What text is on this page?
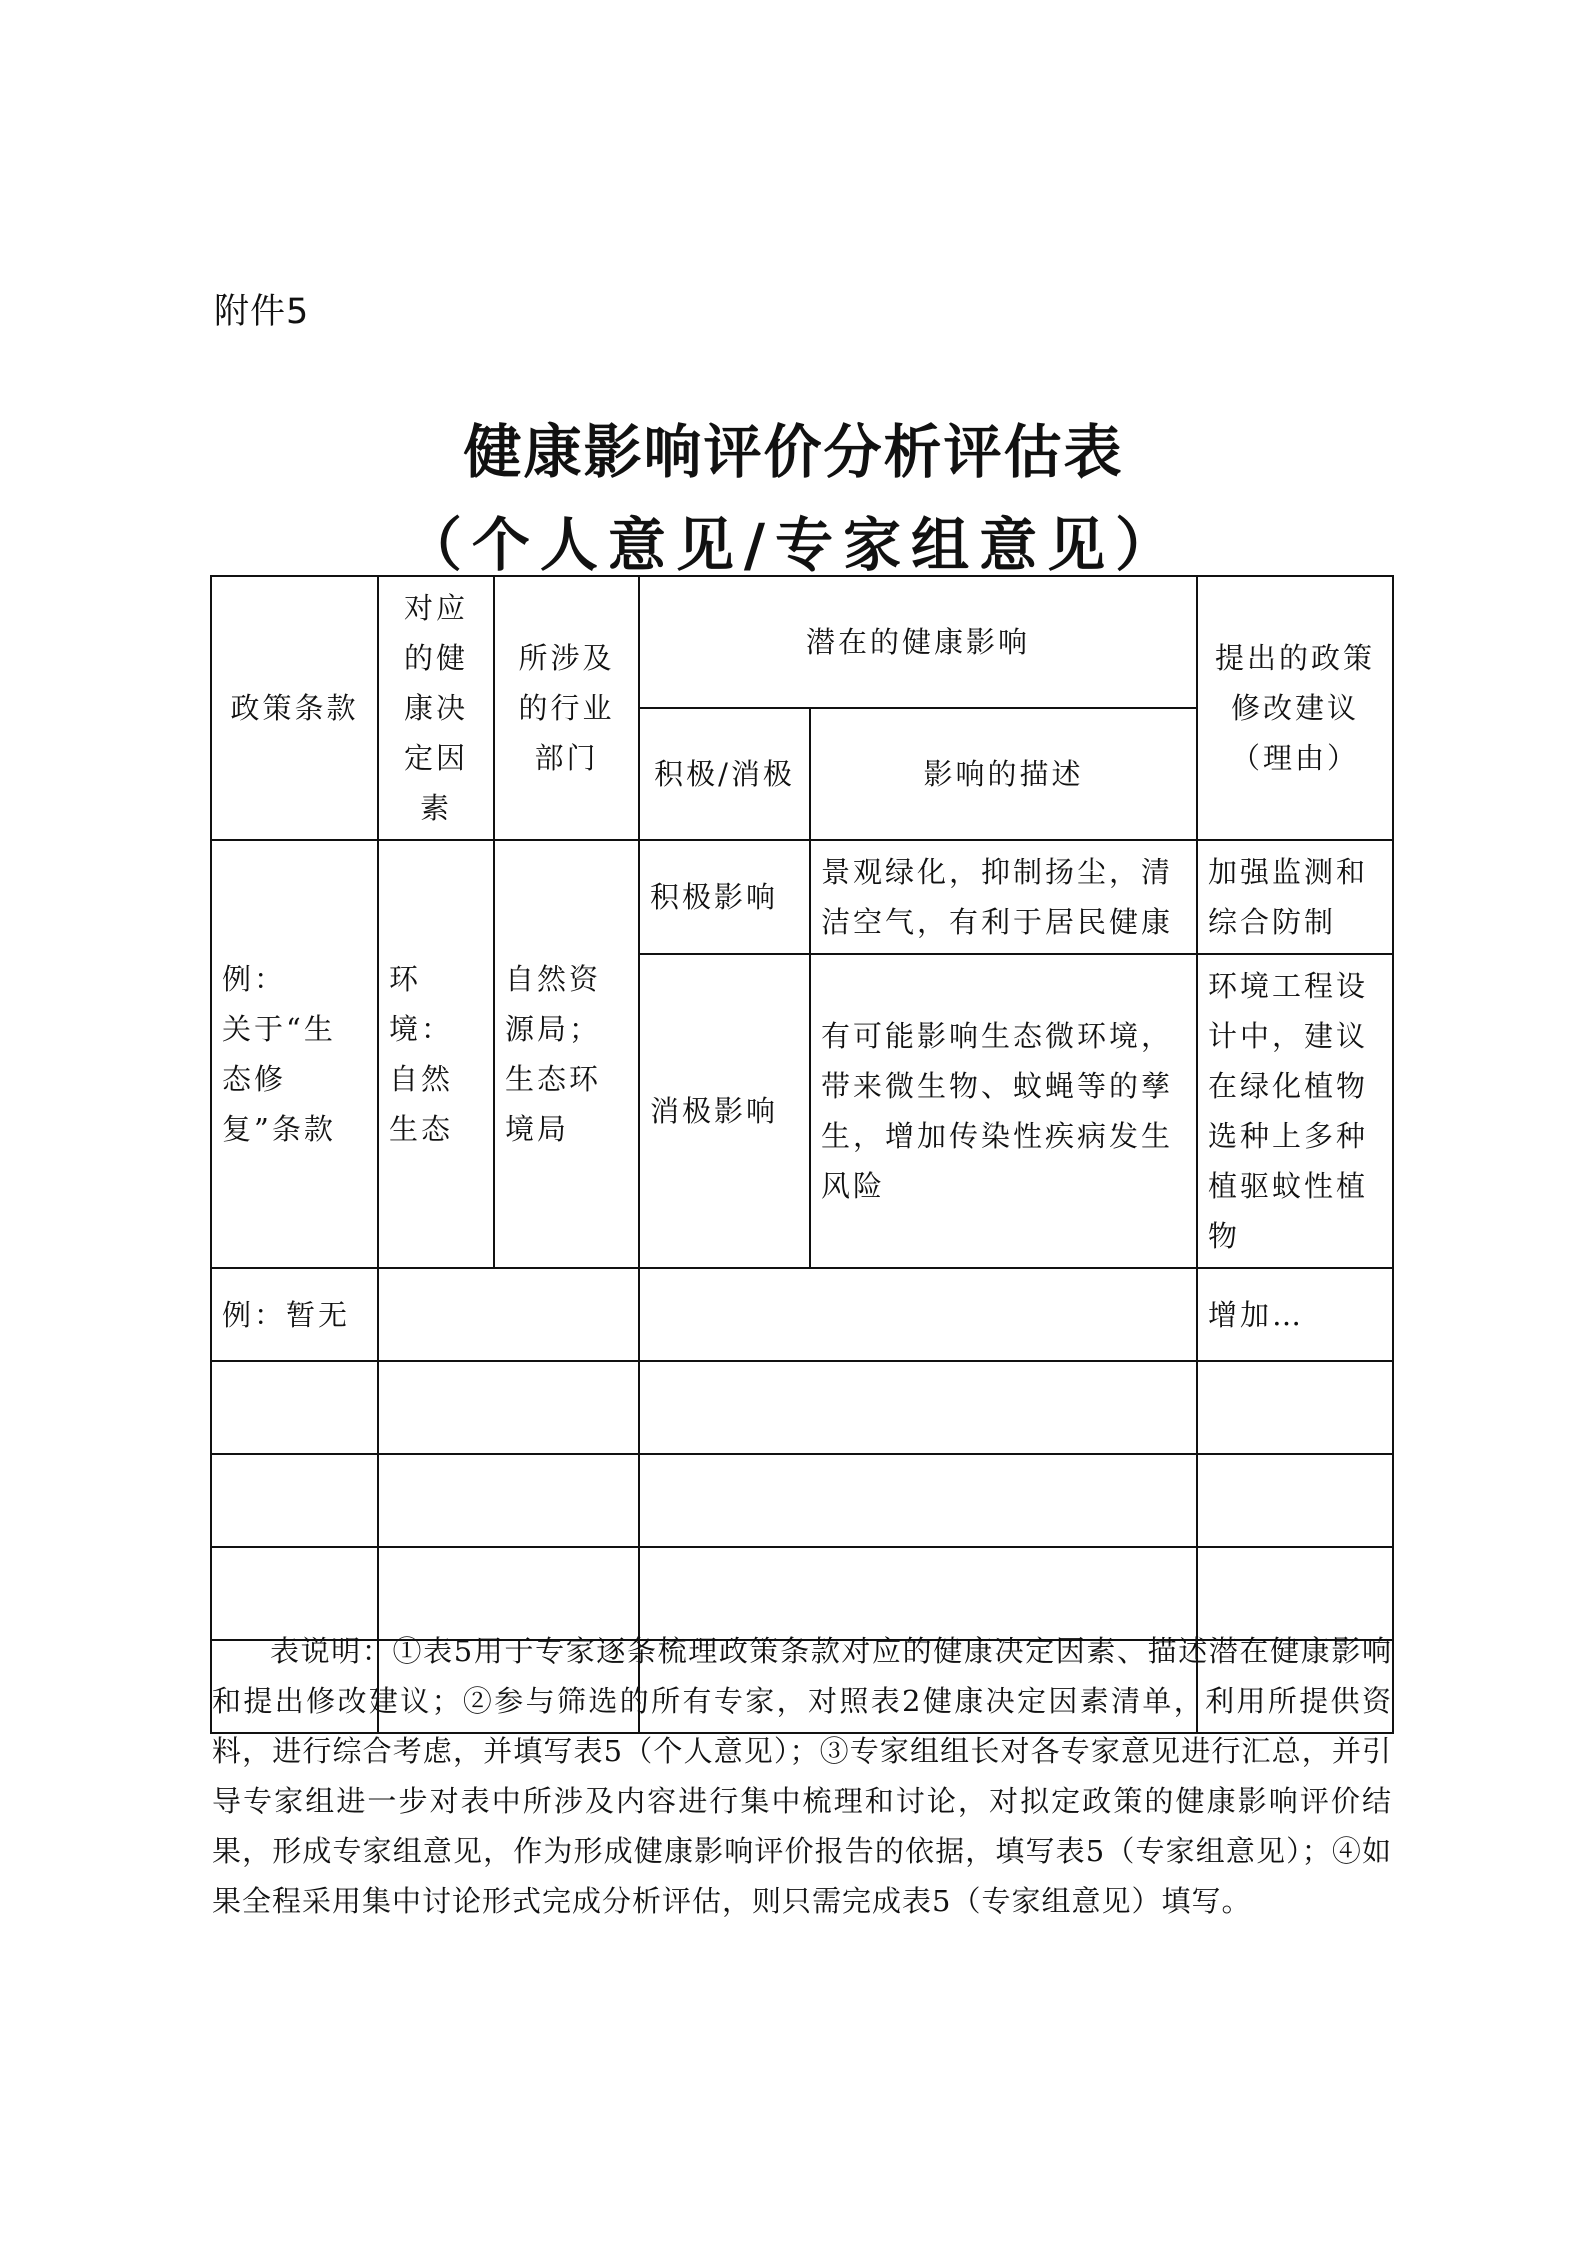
附件5
健康影响评价分析评估表
（个人意见/专家组意见）
政策条款	对应的健康决定因素	所涉及的行业部门	潜在的健康影响		提出的政策修改建议（理由）
			积极/消极	影响的描述	
例：
关于“生态修复”条款	环境：自然生态	自然资源局；生态环境局	积极影响	景观绿化，抑制扬尘，清洁空气，有利于居民健康	加强监测和综合防制
			消极影响	有可能影响生态微环境，带来微生物、蚊蝇等的孳生，增加传染性疾病发生风险	环境工程设计中，建议在绿化植物选种上多种植驱蚊性植物
例：暂无					增加…

表说明：①表5用于专家逐条梳理政策条款对应的健康决定因素、描述潜在健康影响和提出修改建议；②参与筛选的所有专家，对照表2健康决定因素清单，利用所提供资料，进行综合考虑，并填写表5（个人意见）；③专家组组长对各专家意见进行汇总，并引导专家组进一步对表中所涉及内容进行集中梳理和讨论，对拟定政策的健康影响评价结果，形成专家组意见，作为形成健康影响评价报告的依据，填写表5（专家组意见）；④如果全程采用集中讨论形式完成分析评估，则只需完成表5（专家组意见）填写。
